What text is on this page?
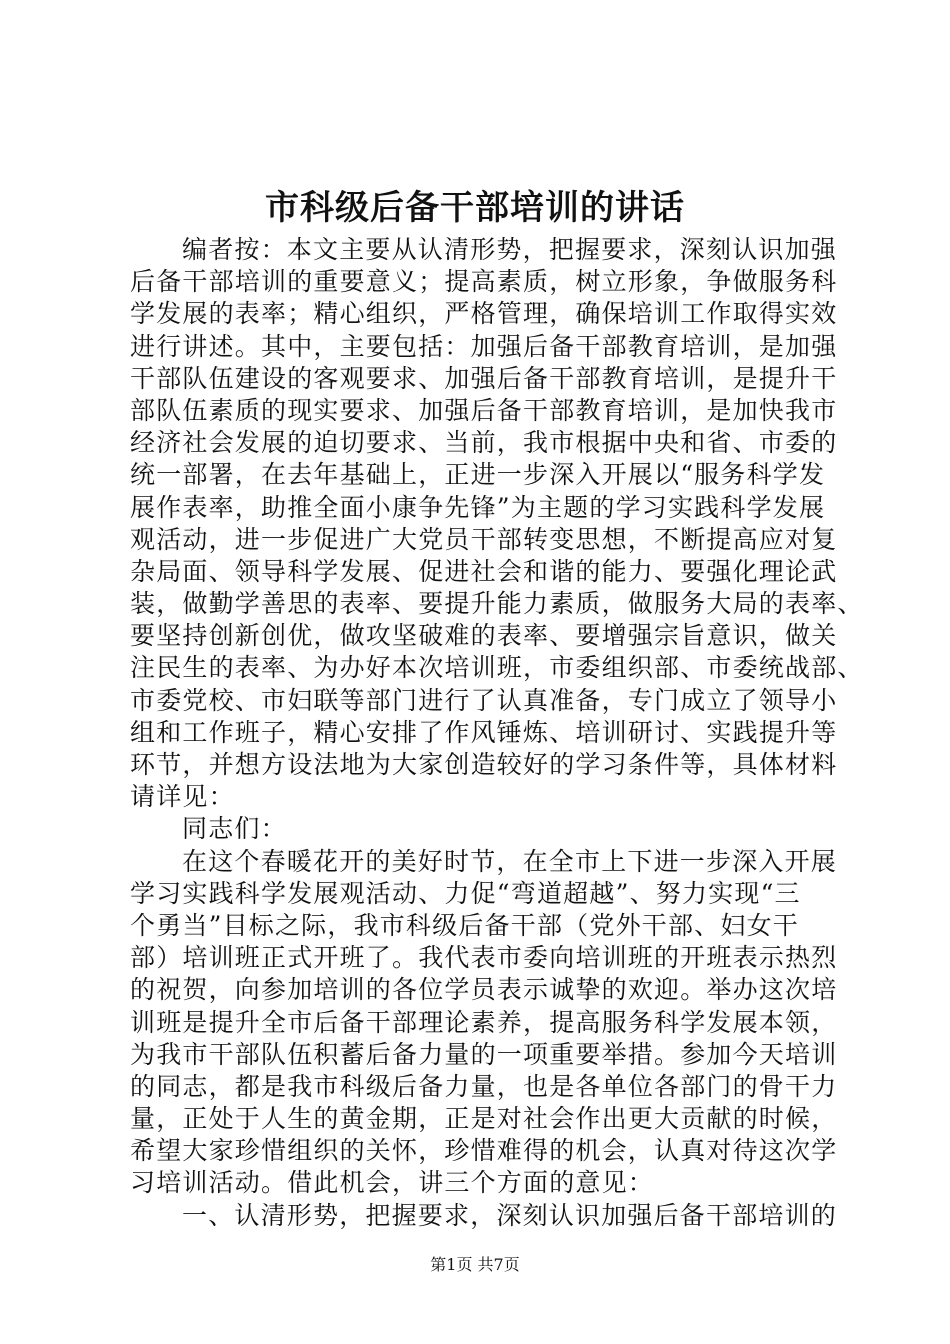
市科级后备干部培训的讲话
编者按：本文主要从认清形势，把握要求，深刻认识加强
后备干部培训的重要意义；提高素质，树立形象，争做服务科
学发展的表率；精心组织，严格管理，确保培训工作取得实效
进行讲述。其中，主要包括：加强后备干部教育培训，是加强
干部队伍建设的客观要求、加强后备干部教育培训，是提升干
部队伍素质的现实要求、加强后备干部教育培训，是加快我市
经济社会发展的迫切要求、当前，我市根据中央和省、市委的
统一部署，在去年基础上，正进一步深入开展以“服务科学发
展作表率，助推全面小康争先锋”为主题的学习实践科学发展
观活动，进一步促进广大党员干部转变思想，不断提高应对复
杂局面、领导科学发展、促进社会和谐的能力、要强化理论武
装，做勤学善思的表率、要提升能力素质，做服务大局的表率、
要坚持创新创优，做攻坚破难的表率、要增强宗旨意识，做关
注民生的表率、为办好本次培训班，市委组织部、市委统战部、
市委党校、市妇联等部门进行了认真准备，专门成立了领导小
组和工作班子，精心安排了作风锤炼、培训研讨、实践提升等
环节，并想方设法地为大家创造较好的学习条件等，具体材料
请详见：
同志们：
在这个春暖花开的美好时节，在全市上下进一步深入开展
学习实践科学发展观活动、力促“弯道超越”、努力实现“三
个勇当”目标之际，我市科级后备干部（党外干部、妇女干
部）培训班正式开班了。我代表市委向培训班的开班表示热烈
的祝贺，向参加培训的各位学员表示诚挚的欢迎。举办这次培
训班是提升全市后备干部理论素养，提高服务科学发展本领，
为我市干部队伍积蓄后备力量的一项重要举措。参加今天培训
的同志，都是我市科级后备力量，也是各单位各部门的骨干力
量，正处于人生的黄金期，正是对社会作出更大贡献的时候，
希望大家珍惜组织的关怀，珍惜难得的机会，认真对待这次学
习培训活动。借此机会，讲三个方面的意见：
一、认清形势，把握要求，深刻认识加强后备干部培训的
第1页 共7页
